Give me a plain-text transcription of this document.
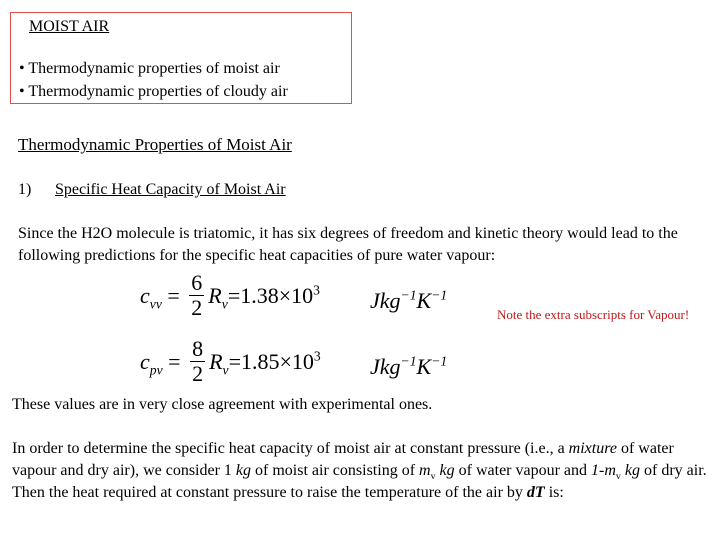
MOIST AIR
• Thermodynamic properties of moist air
• Thermodynamic properties of cloudy air
Thermodynamic Properties of Moist Air
1) Specific Heat Capacity of Moist Air
Since the H2O molecule is triatomic, it has six degrees of freedom and kinetic theory would lead to the following predictions for the specific heat capacities of pure water vapour:
$c_{vv} = \frac{6}{2} R_v =1.38\times 10^3$ $Jkg^{-1}K^{-1}$
Note the extra subscripts for Vapour!
$c_{pv} = \frac{8}{2} R_v =1.85\times 10^3$ $Jkg^{-1}K^{-1}$
These values are in very close agreement with experimental ones.
In order to determine the specific heat capacity of moist air at constant pressure (i.e., a mixture of water vapour and dry air), we consider 1 kg of moist air consisting of $m_v$ kg of water vapour and $1-m_v$ kg of dry air. Then the heat required at constant pressure to raise the temperature of the air by dT is:
